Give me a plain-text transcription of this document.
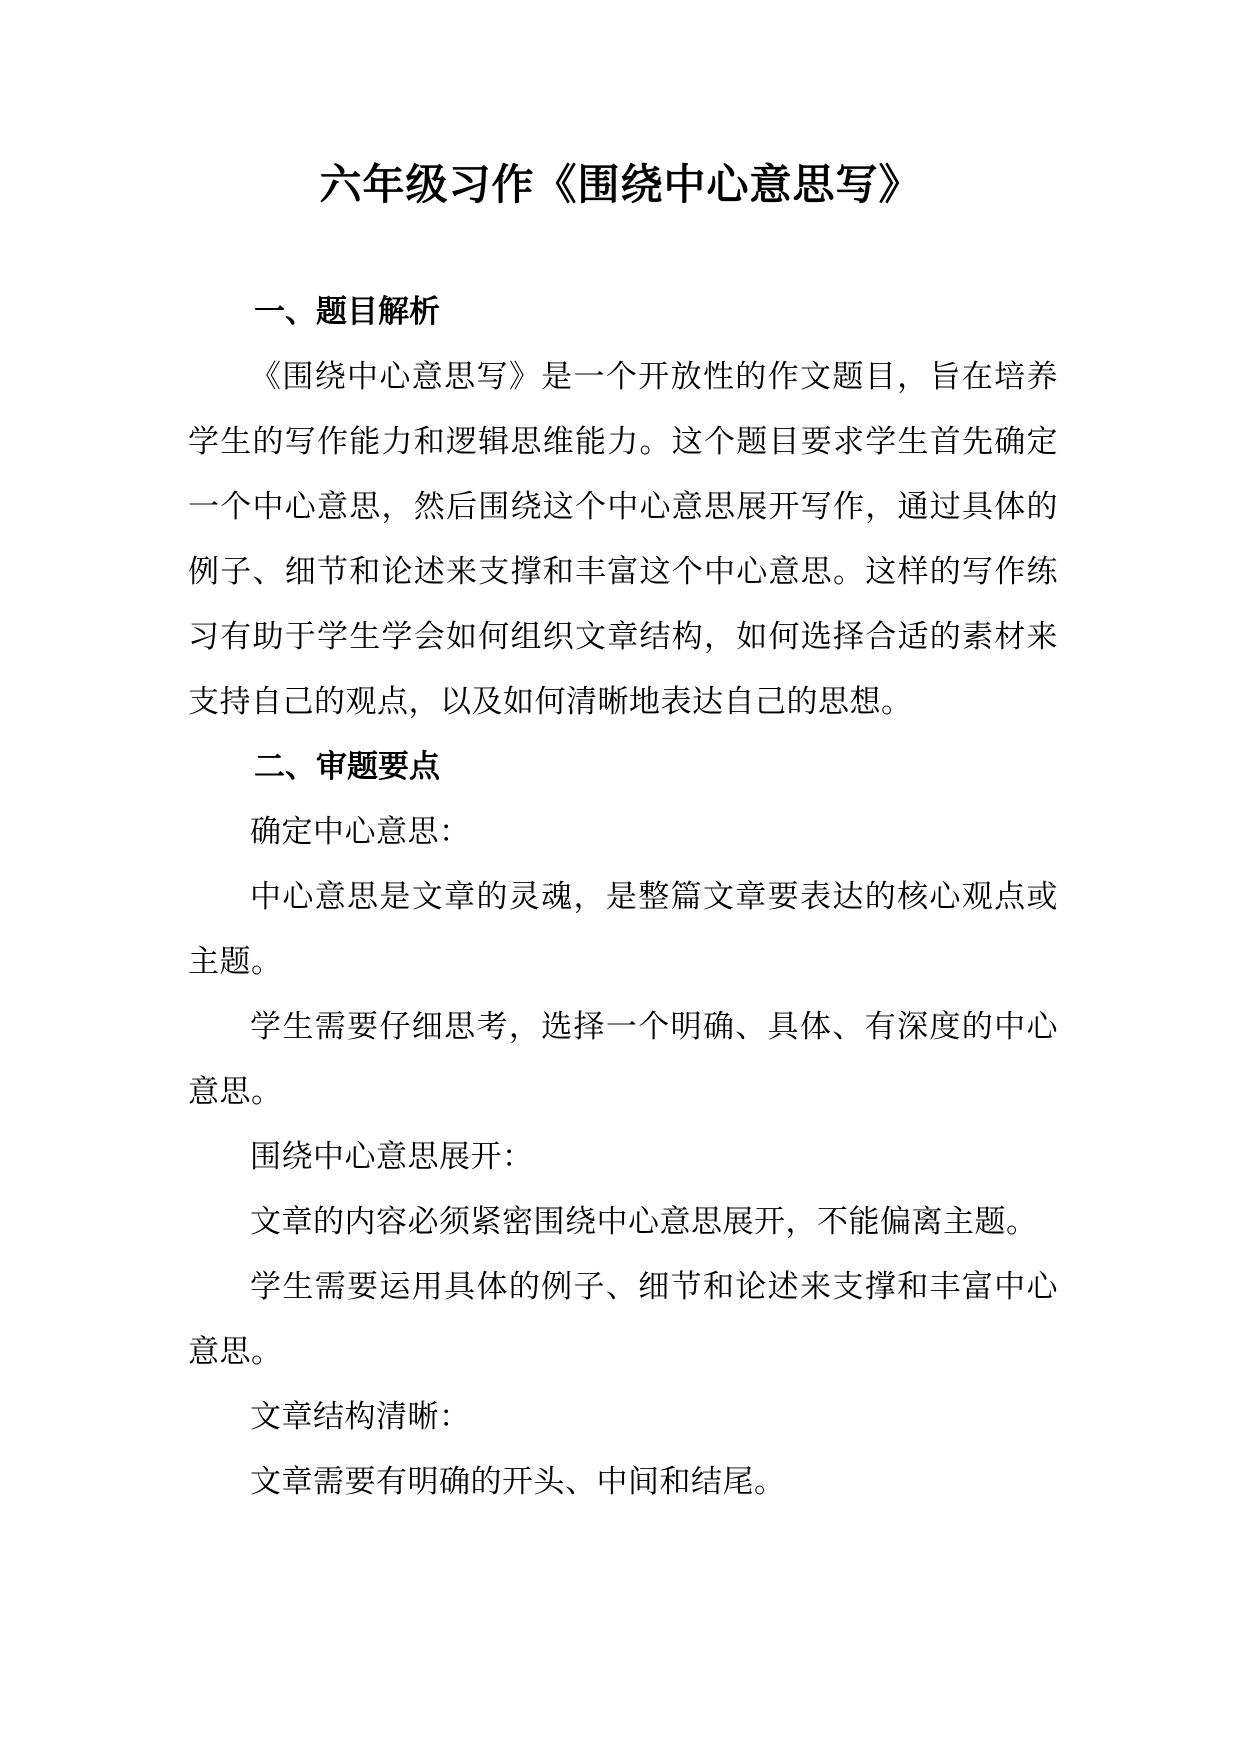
六年级习作《围绕中心意思写》
一、题目解析

《围绕中心意思写》是一个开放性的作文题目，旨在培养学生的写作能力和逻辑思维能力。这个题目要求学生首先确定一个中心意思，然后围绕这个中心意思展开写作，通过具体的例子、细节和论述来支撑和丰富这个中心意思。这样的写作练习有助于学生学会如何组织文章结构，如何选择合适的素材来支持自己的观点，以及如何清晰地表达自己的思想。

二、审题要点

确定中心意思：

中心意思是文章的灵魂，是整篇文章要表达的核心观点或主题。

学生需要仔细思考，选择一个明确、具体、有深度的中心意思。

围绕中心意思展开：

文章的内容必须紧密围绕中心意思展开，不能偏离主题。

学生需要运用具体的例子、细节和论述来支撑和丰富中心意思。

文章结构清晰：

文章需要有明确的开头、中间和结尾。
